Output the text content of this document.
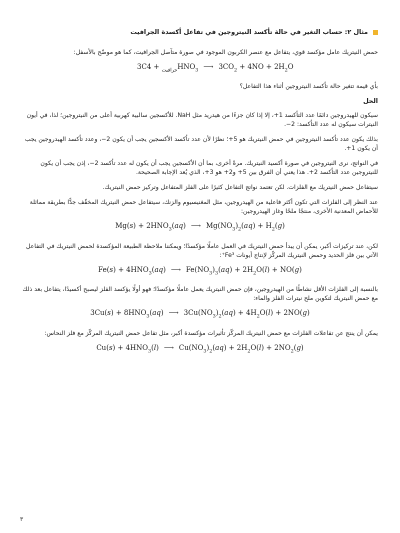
مثال ٢: حساب التغير في حالة تأكسد النيتروجين في تفاعل أكسدة الجرافيت

حمض النيتريك عامل مؤكسد قوي، يتفاعل مع عنصر الكربون الموجود في صورة متآصل الجرافيت، كما هو موضّح بالأسفل:

3C	$_{جرافيت} + 4HNO_3$ ⟶ $3CO_2 + 4NO + 2H_2O$

بأي قيمة تتغير حالة تأكسد النيتروجين أثناء هذا التفاعل؟

الحل

سيكون للهيدروجين دائمًا عدد التأكسد ‎+1، إلا إذا كان جزءًا من هيدريد مثل NaH. للأكسجين سالبية كهربية أعلى من النيتروجين؛ لذا، في أيون النيترات سيكون له عدد التأكسد: ‎−2.

بذلك يكون عدد تأكسد النيتروجين في حمض النيتريك هو ‎+5؛ نظرًا لأن عدد تأكسد الأكسجين يجب أن يكون ‎−2، وعدد تأكسد الهيدروجين يجب أن يكون ‎+1.

في النواتج، نرى النيتروجين في صورة أكسيد النيتريك. مرةً أخرى، بما أن الأكسجين يجب أن يكون له عدد تأكسد ‎−2، إذن يجب أن يكون للنيتروجين عدد التأكسد ‎+2. هذا يعني أن الفرق بين ‎+5 و‎+2 هو ‎+3، الذي يُعد الإجابة الصحيحة.

سيتفاعل حمض النيتريك مع الفلزات. لكن تعتمد نواتج التفاعل كثيرًا على الفلز المتفاعل وتركيز حمض النيتريك.

عند النظر إلى الفلزات التي تكون أكثر فاعلية من الهيدروجين، مثل المغنيسيوم والزنك، سيتفاعل حمض النيتريك المخفّف جدًّا بطريقة مماثلة للأحماض المعدنية الأخرى، منتجًا ملحًا وغاز الهيدروجين:

$Mg(s) + 2HNO_3(aq)$ ⟶ $Mg(NO_3)_2(aq) + H_2(g)$

لكن، عند تركيزات أكبر، يمكن أن يبدأ حمض النيتريك في العمل عاملًا مؤكسدًا؛ ويمكننا ملاحظة الطبيعة المؤكسدة لحمض النيتريك في التفاعل الآتي بين فلز الحديد وحمض النيتريك المركّز لإنتاج أيونات Fe³⁺:

$Fe(s) + 4HNO_3(aq)$ ⟶ $Fe(NO_3)_3(aq) + 2H_2O(l) + NO(g)$

بالنسبة إلى الفلزات الأقل نشاطًا من الهيدروجين، فإن حمض النيتريك يعمل عاملًا مؤكسدًا؛ فهو أولًا يؤكسد الفلز ليصبح أكسيدًا، يتفاعل بعد ذلك مع حمض النيتريك لتكوين ملح نيترات الفلز والماء:

$3Cu(s) + 8HNO_3(aq)$ ⟶ $3Cu(NO_3)_2(aq) + 4H_2O(l) + 2NO(g)$

يمكن أن ينتج عن تفاعلات الفلزات مع حمض النيتريك المركّز تأثيرات مؤكسدة أكبر، مثل تفاعل حمض النيتريك المركّز مع فلز النحاس:

$Cu(s) + 4HNO_3(l)$ ⟶ $Cu(NO_3)_2(aq) + 2H_2O(l) + 2NO_2(g)$
٣
